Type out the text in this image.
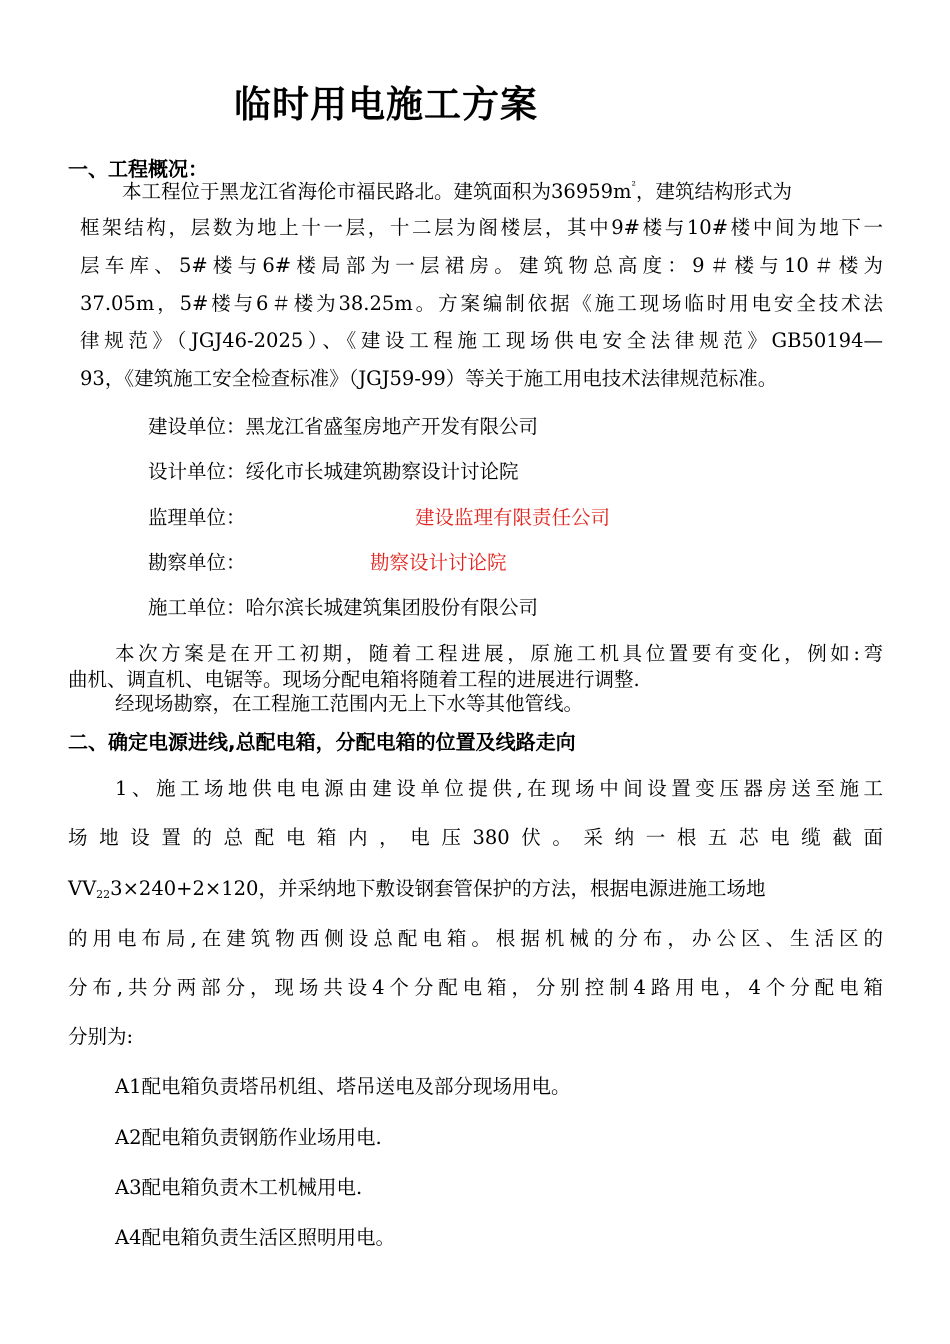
临时用电施工方案
一、工程概况：
本工程位于黑龙江省海伦市福民路北。建筑面积为$36959m^{^2}$，建筑结构形式为
框架结构，层数为地上十一层，十二层为阁楼层，其中9#楼与10#楼中间为地下一
层车库、5#楼与6#楼局部为一层裙房。建筑物总高度：9＃楼与10＃楼为
37.05m，5#楼与6＃楼为38.25m。方案编制依据《施工现场临时用电安全技术法
律规范》（JGJ46-2025）、《建设工程施工现场供电安全法律规范》GB50194—
93，《建筑施工安全检查标准》（JGJ59-99）等关于施工用电技术法律规范标准。
建设单位：黑龙江省盛玺房地产开发有限公司
设计单位：绥化市长城建筑勘察设计讨论院
监理单位：	建设监理有限责任公司
勘察单位：	勘察设计讨论院
施工单位：哈尔滨长城建筑集团股份有限公司
本次方案是在开工初期，随着工程进展，原施工机具位置要有变化，例如:弯
曲机、调直机、电锯等。现场分配电箱将随着工程的进展进行调整.
经现场勘察，在工程施工范围内无上下水等其他管线。
二、确定电源进线,总配电箱，分配电箱的位置及线路走向
1、施工场地供电电源由建设单位提供,在现场中间设置变压器房送至施工
场地设置的总配电箱内，电压380伏。采纳一根五芯电缆截面
$VV_{22}3\times 240+2\times 120$，并采纳地下敷设钢套管保护的方法，根据电源进施工场地
的用电布局,在建筑物西侧设总配电箱。根据机械的分布，办公区、生活区的
分布,共分两部分，现场共设4个分配电箱，分别控制4路用电，4个分配电箱
分别为:
A1配电箱负责塔吊机组、塔吊送电及部分现场用电。
A2配电箱负责钢筋作业场用电.
A3配电箱负责木工机械用电.
A4配电箱负责生活区照明用电。
